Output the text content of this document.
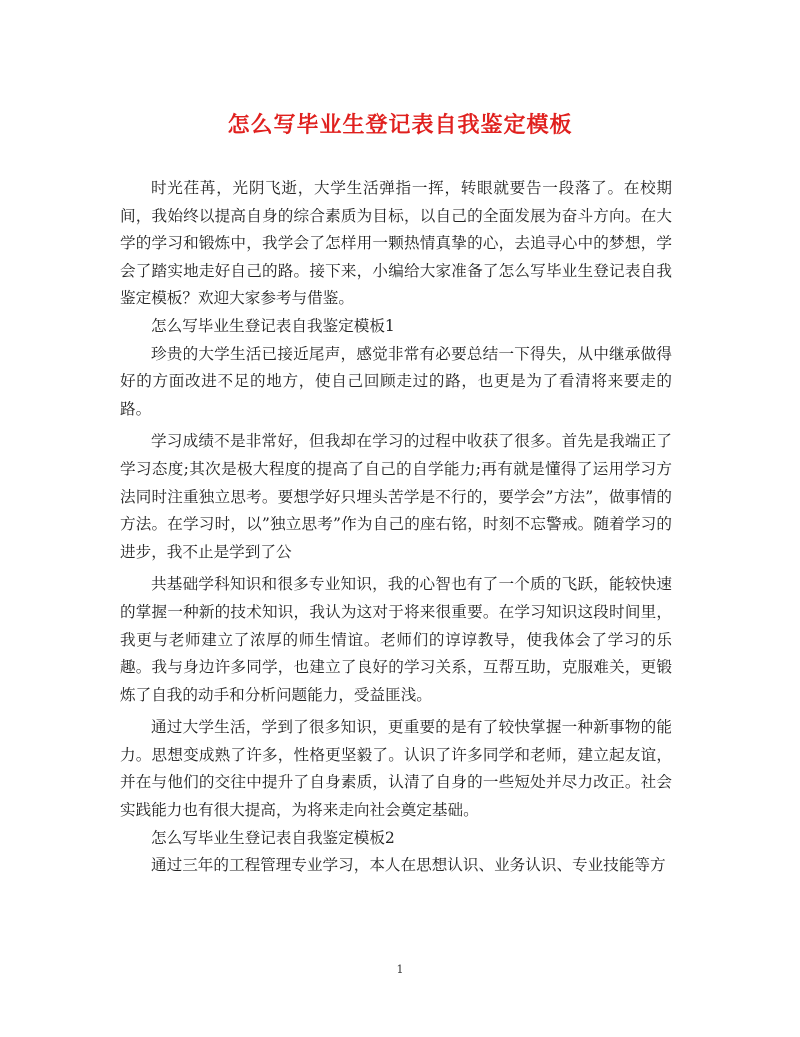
怎么写毕业生登记表自我鉴定模板

时光荏苒，光阴飞逝，大学生活弹指一挥，转眼就要告一段落了。在校期间，我始终以提高自身的综合素质为目标，以自己的全面发展为奋斗方向。在大学的学习和锻炼中，我学会了怎样用一颗热情真挚的心，去追寻心中的梦想，学会了踏实地走好自己的路。接下来，小编给大家准备了怎么写毕业生登记表自我鉴定模板？欢迎大家参考与借鉴。

怎么写毕业生登记表自我鉴定模板1

珍贵的大学生活已接近尾声，感觉非常有必要总结一下得失，从中继承做得好的方面改进不足的地方，使自己回顾走过的路，也更是为了看清将来要走的路。

学习成绩不是非常好，但我却在学习的过程中收获了很多。首先是我端正了学习态度;其次是极大程度的提高了自己的自学能力;再有就是懂得了运用学习方法同时注重独立思考。要想学好只埋头苦学是不行的，要学会”方法”，做事情的方法。在学习时，以”独立思考”作为自己的座右铭，时刻不忘警戒。随着学习的进步，我不止是学到了公

共基础学科知识和很多专业知识，我的心智也有了一个质的飞跃，能较快速的掌握一种新的技术知识，我认为这对于将来很重要。在学习知识这段时间里，我更与老师建立了浓厚的师生情谊。老师们的谆谆教导，使我体会了学习的乐趣。我与身边许多同学，也建立了良好的学习关系，互帮互助，克服难关，更锻炼了自我的动手和分析问题能力，受益匪浅。

通过大学生活，学到了很多知识，更重要的是有了较快掌握一种新事物的能力。思想变成熟了许多，性格更坚毅了。认识了许多同学和老师，建立起友谊，并在与他们的交往中提升了自身素质，认清了自身的一些短处并尽力改正。社会实践能力也有很大提高，为将来走向社会奠定基础。

怎么写毕业生登记表自我鉴定模板2

通过三年的工程管理专业学习，本人在思想认识、业务认识、专业技能等方

1
